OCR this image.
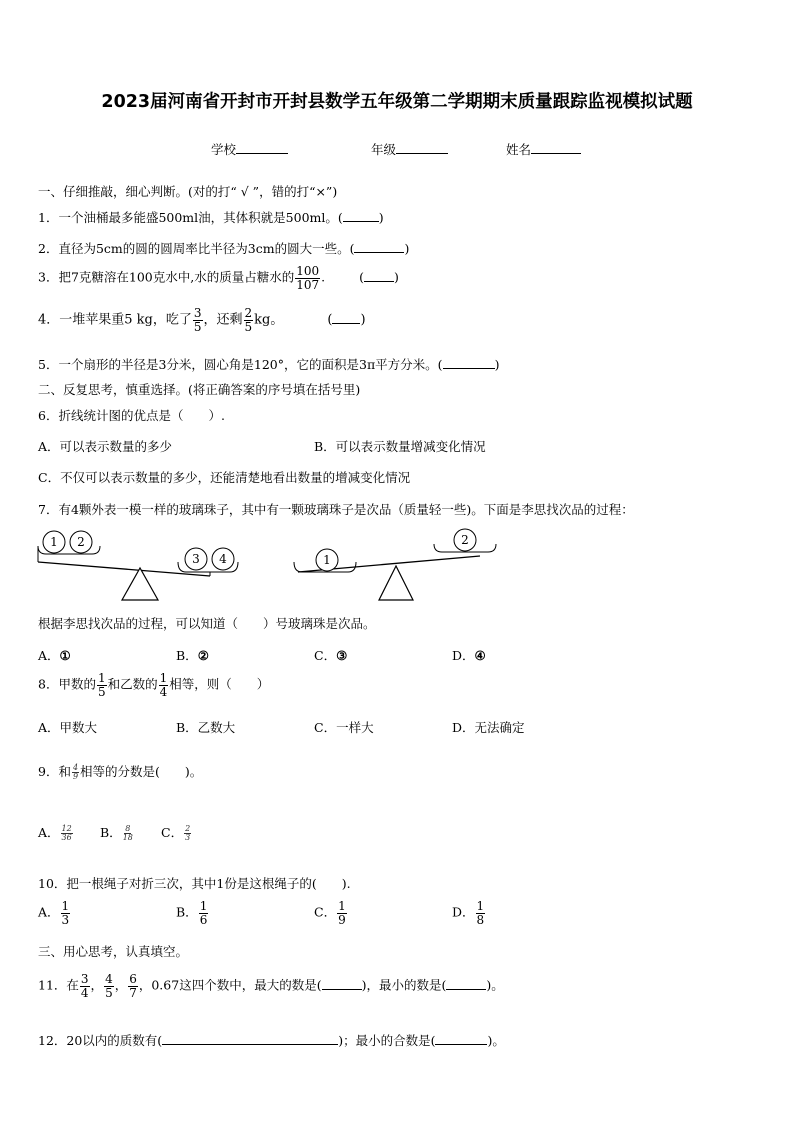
2023届河南省开封市开封县数学五年级第二学期期末质量跟踪监视模拟试题
学校	年级	姓名
一、仔细推敲，细心判断。(对的打“ √ ”，错的打“×”)
1．一个油桶最多能盛500ml油，其体积就是500ml。(	)
2．直径为5cm的圆的圆周率比半径为3cm的圆大一些。(	)
3．把7克糖溶在100克水中,水的质量占糖水的 $\frac{100}{107}$ .	( )
4．一堆苹果重5 kg，吃了 $\frac{3}{5}$ ，还剩 $\frac{2}{5}$ kg。	( )
5．一个扇形的半径是3分米，圆心角是120°，它的面积是3π平方分米。(	)
二、反复思考，慎重选择。(将正确答案的序号填在括号里)
6．折线统计图的优点是（　　）.
A．可以表示数量的多少	B．可以表示数量增减变化情况
C．不仅可以表示数量的多少，还能清楚地看出数量的增减变化情况
7．有4颗外表一模一样的玻璃珠子，其中有一颗玻璃珠子是次品（质量轻一些)。下面是李思找次品的过程：
1 2
3 4	1
2
根据李思找次品的过程，可以知道（　　）号玻璃珠是次品。
A．①	B．②	C．③	D．④
8．甲数的 $\frac{1}{5}$ 和乙数的 $\frac{1}{4}$ 相等，则（　　）
A．甲数大	B．乙数大	C．一样大	D．无法确定
9．和 $\frac{4}{9}$ 相等的分数是(　　)。
A． $\frac{12}{36}$ B． $\frac{8}{18}$ C． $\frac{2}{3}$
10．把一根绳子对折三次，其中1份是这根绳子的(　　).
A． $\frac{1}{3}$	B． $\frac{1}{6}$	C． $\frac{1}{9}$	D． $\frac{1}{8}$
三、用心思考，认真填空。
11．在 $\frac{3}{4}$ ， $\frac{4}{5}$ ， $\frac{6}{7}$ ，0.67这四个数中，最大的数是(	)，最小的数是(	)。
12．20以内的质数有(	)；最小的合数是(	)。
